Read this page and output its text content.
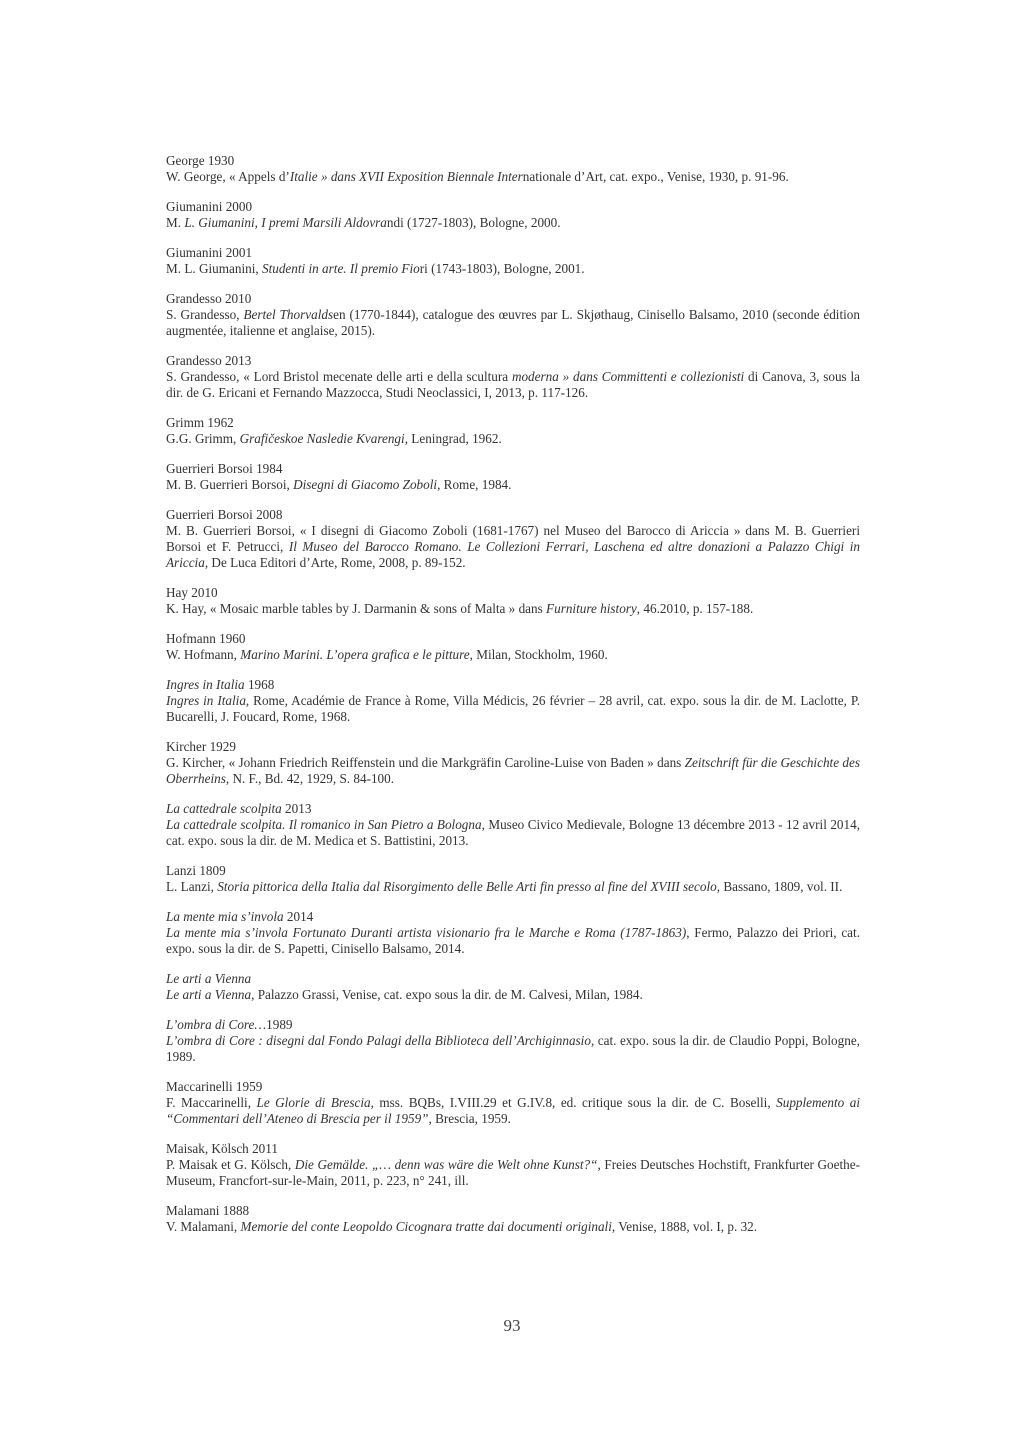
George 1930
W. George, « Appels d’Italie » dans XVII Exposition Biennale Internationale d’Art, cat. expo., Venise, 1930, p. 91-96.
Giumanini 2000
M. L. Giumanini, I premi Marsili Aldovrandi (1727-1803), Bologne, 2000.
Giumanini 2001
M. L. Giumanini, Studenti in arte. Il premio Fiori (1743-1803), Bologne, 2001.
Grandesso 2010
S. Grandesso, Bertel Thorvaldsen (1770-1844), catalogue des œuvres par L. Skjøthaug, Cinisello Balsamo, 2010 (seconde édition augmentée, italienne et anglaise, 2015).
Grandesso 2013
S. Grandesso, « Lord Bristol mecenate delle arti e della scultura moderna » dans Committenti e collezionisti di Canova, 3, sous la dir. de G. Ericani et Fernando Mazzocca, Studi Neoclassici, I, 2013, p. 117-126.
Grimm 1962
G.G. Grimm, Grafičeskoe Nasledie Kvarengi, Leningrad, 1962.
Guerrieri Borsoi 1984
M. B. Guerrieri Borsoi, Disegni di Giacomo Zoboli, Rome, 1984.
Guerrieri Borsoi 2008
M. B. Guerrieri Borsoi, « I disegni di Giacomo Zoboli (1681-1767) nel Museo del Barocco di Ariccia » dans M. B. Guerrieri Borsoi et F. Petrucci, Il Museo del Barocco Romano. Le Collezioni Ferrari, Laschena ed altre donazioni a Palazzo Chigi in Ariccia, De Luca Editori d’Arte, Rome, 2008, p. 89-152.
Hay 2010
K. Hay, « Mosaic marble tables by J. Darmanin & sons of Malta » dans Furniture history, 46.2010, p. 157-188.
Hofmann 1960
W. Hofmann, Marino Marini. L’opera grafica e le pitture, Milan, Stockholm, 1960.
Ingres in Italia 1968
Ingres in Italia, Rome, Académie de France à Rome, Villa Médicis, 26 février – 28 avril, cat. expo. sous la dir. de M. Laclotte, P. Bucarelli, J. Foucard, Rome, 1968.
Kircher 1929
G. Kircher, « Johann Friedrich Reiffenstein und die Markgräfin Caroline-Luise von Baden » dans Zeitschrift für die Geschichte des Oberrheins, N. F., Bd. 42, 1929, S. 84-100.
La cattedrale scolpita 2013
La cattedrale scolpita. Il romanico in San Pietro a Bologna, Museo Civico Medievale, Bologne 13 décembre 2013 - 12 avril 2014, cat. expo. sous la dir. de M. Medica et S. Battistini, 2013.
Lanzi 1809
L. Lanzi, Storia pittorica della Italia dal Risorgimento delle Belle Arti fin presso al fine del XVIII secolo, Bassano, 1809, vol. II.
La mente mia s’invola 2014
La mente mia s’invola Fortunato Duranti artista visionario fra le Marche e Roma (1787-1863), Fermo, Palazzo dei Priori, cat. expo. sous la dir. de S. Papetti, Cinisello Balsamo, 2014.
Le arti a Vienna
Le arti a Vienna, Palazzo Grassi, Venise, cat. expo sous la dir. de M. Calvesi, Milan, 1984.
L’ombra di Core…1989
L’ombra di Core : disegni dal Fondo Palagi della Biblioteca dell’Archiginnasio, cat. expo. sous la dir. de Claudio Poppi, Bologne, 1989.
Maccarinelli 1959
F. Maccarinelli, Le Glorie di Brescia, mss. BQBs, I.VIII.29 et G.IV.8, ed. critique sous la dir. de C. Boselli, Supplemento ai “Commentari dell’Ateneo di Brescia per il 1959”, Brescia, 1959.
Maisak, Kölsch 2011
P. Maisak et G. Kölsch, Die Gemälde. „… denn was wäre die Welt ohne Kunst?“, Freies Deutsches Hochstift, Frankfurter Goethe-Museum, Francfort-sur-le-Main, 2011, p. 223, n° 241, ill.
Malamani 1888
V. Malamani, Memorie del conte Leopoldo Cicognara tratte dai documenti originali, Venise, 1888, vol. I, p. 32.
93
